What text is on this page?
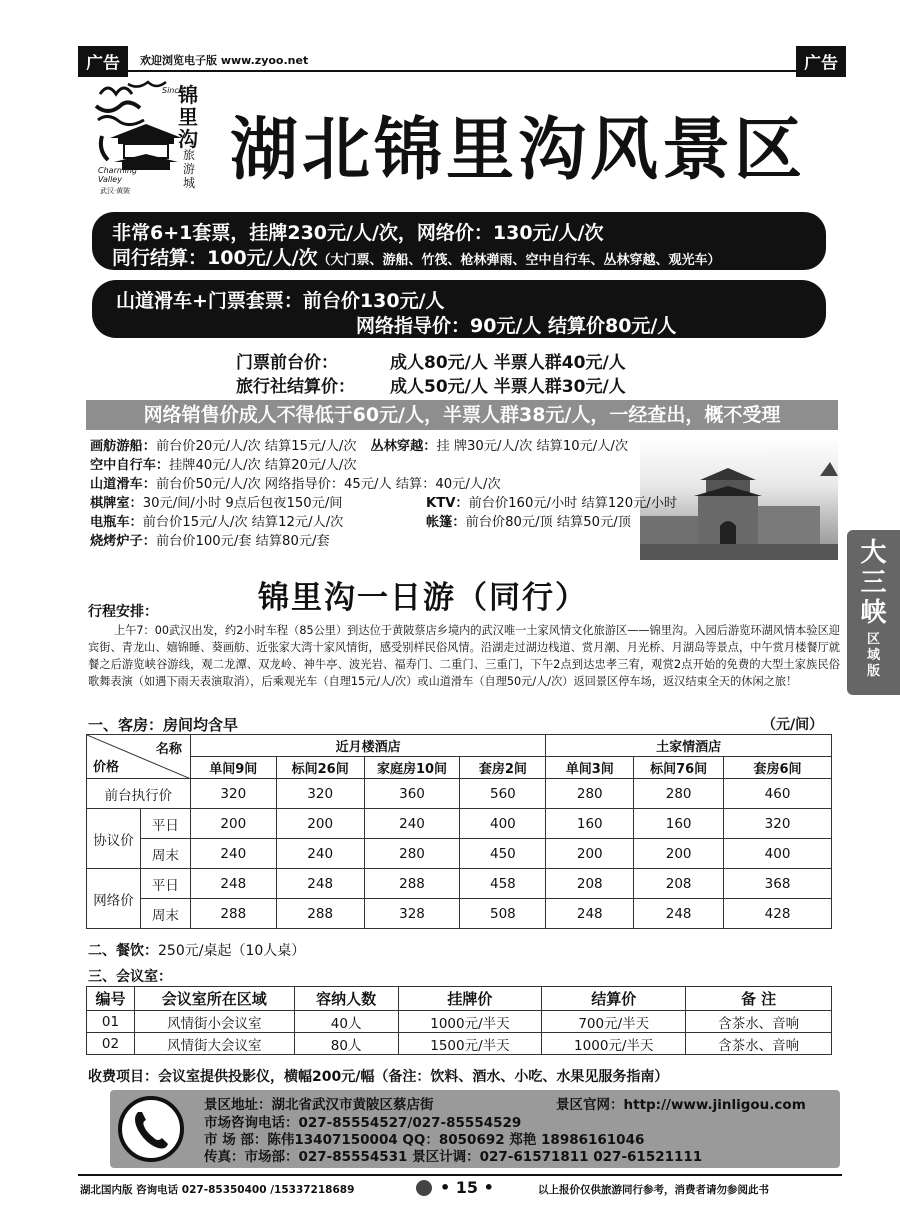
广告	欢迎浏览电子版 www.zyoo.net	广告
锦里沟
旅游城
Since
Charming Valley
武汉·黄陂
湖北锦里沟风景区
非常6+1套票，挂牌230元/人/次，网络价：130元/人/次
同行结算：100元/人/次（大门票、游船、竹筏、枪林弹雨、空中自行车、丛林穿越、观光车）
山道滑车+门票套票：前台价130元/人
网络指导价：90元/人 结算价80元/人
门票前台价：	成人80元/人 半票人群40元/人
旅行社结算价： 成人50元/人 半票人群30元/人
网络销售价成人不得低于60元/人，半票人群38元/人，一经查出，概不受理

画舫游船：前台价20元/人/次 结算15元/人/次 丛林穿越：挂 牌30元/人/次 结算10元/人/次

空中自行车：挂牌40元/人/次 结算20元/人/次

山道滑车：前台价50元/人/次 网络指导价：45元/人 结算：40元/人/次

棋牌室：30元/间/小时 9点后包夜150元/间	KTV：前台价160元/小时 结算120元/小时

电瓶车：前台价15元/人/次 结算12元/人/次	帐篷：前台价80元/顶 结算50元/顶

烧烤炉子：前台价100元/套 结算80元/套

锦里沟一日游（同行）
行程安排：
上午7：00武汉出发，约2小时车程（85公里）到达位于黄陂蔡店乡境内的武汉唯一土家风情文化旅游区——锦里沟。入园后游览环湖风情本验区迎宾街、青龙山、嬉锦睡、葵画舫、近张家大湾十家风情街，感受别样民俗风情。沿湖走过湖边栈道、赏月潮、月光桥、月湖岛等景点，中午赏月楼餐厅就餐之后游览峡谷游线，观二龙潭、双龙岭、神牛亭、波光岩、福寿门、二重门、三重门，下午2点到达忠孝三宥，观赏2点开始的免费的大型土家族民俗歌舞表演（如遇下雨天表演取消），后乘观光车（自理15元/人/次）或山道滑车（自理50元/人/次）返回景区停车场，返汉结束全天的休闲之旅！
一、客房：房间均含早	（元/间）
名称
价格		近月楼酒店				土家情酒店		
		单间9间	标间26间	家庭房10间	套房2间	单间3间	标间76间	套房6间
前台执行价		320	320	360	560	280	280	460
协议价	平日	200	200	240	400	160	160	320
	周末	240	240	280	450	200	200	400
网络价	平日	248	248	288	458	208	208	368
	周末	288	288	328	508	248	248	428
二、餐饮：250元/桌起（10人桌）
三、会议室：
编号	会议室所在区域	容纳人数	挂牌价	结算价	备 注
01	风情街小会议室	40人	1000元/半天	700元/半天	含茶水、音响
02	风情街大会议室	80人	1500元/半天	1000元/半天	含茶水、音响
收费项目：会议室提供投影仪，横幅200元/幅（备注：饮料、酒水、小吃、水果见服务指南）

景区地址：湖北省武汉市黄陂区蔡店街	景区官网：http://www.jinligou.com

市场咨询电话：027-85554527/027-85554529

市 场 部：陈伟13407150004 QQ：8050692 郑艳 18986161046

传真：市场部：027-85554531 景区计调：027-61571811 027-61521111

大三峡
区域版
湖北国内版 咨询电话 027-85350400 /15337218689	• 15 •	以上报价仅供旅游同行参考，消费者请勿参阅此书
